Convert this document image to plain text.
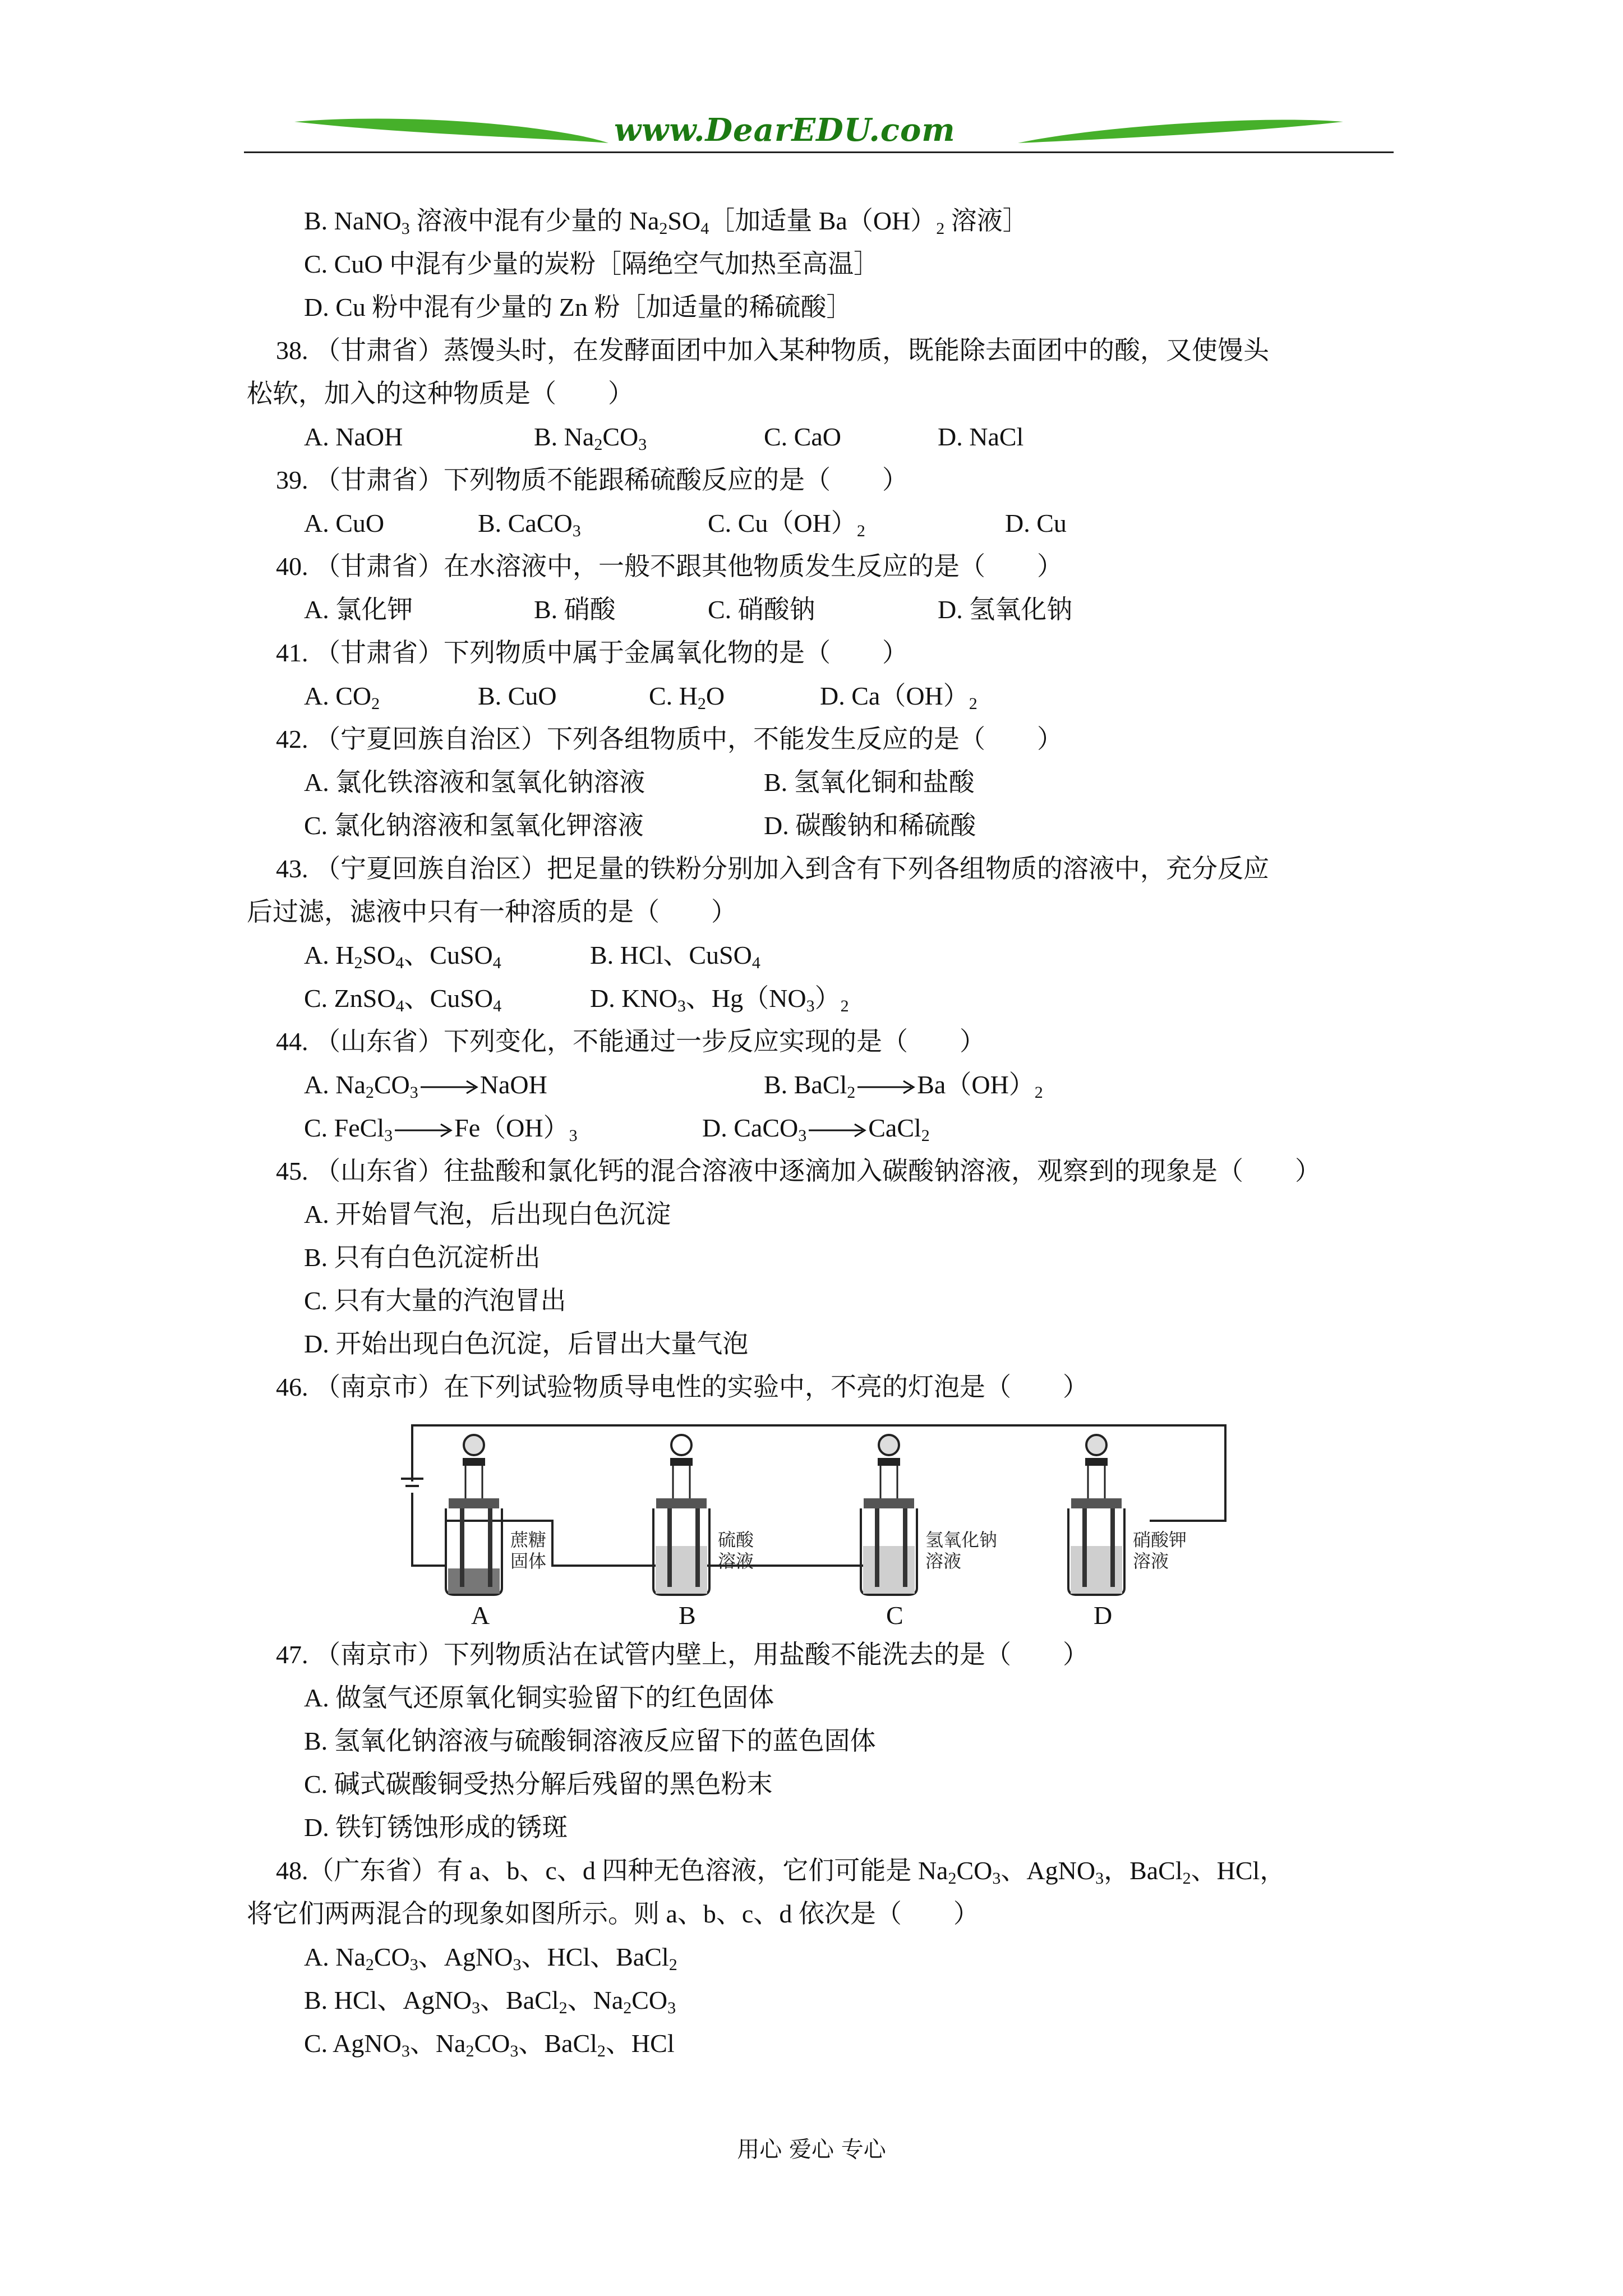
www.DearEDU.com
B. NaNO$_3$ 溶液中混有少量的 $Na_2SO_4[$加适量 $Ba(OH)_2$ 溶液］
C. CuO 中混有少量的炭粉［隔绝空气加热至高温］
D. Cu 粉中混有少量的 Zn 粉［加适量的稀硫酸］
38. （甘肃省）蒸馒头时，在发酵面团中加入某种物质，既能除去面团中的酸，又使馒头
松软，加入的这种物质是（　　）
A. NaOH	B. $Na_2CO_3$	C. CaO	D. NaCl
39. （甘肃省）下列物质不能跟稀硫酸反应的是（　　）
A. CuO	B. CaCO$_3$	C. $Cu(OH)_2$	D. Cu
40. （甘肃省）在水溶液中，一般不跟其他物质发生反应的是（　　）
A. 氯化钾	B. 硝酸	C. 硝酸钠	D. 氢氧化钠
41. （甘肃省）下列物质中属于金属氧化物的是（　　）
A. $CO_2$	B. CuO	C. $H_2O$	D. $Ca(OH)_2$
42. （宁夏回族自治区）下列各组物质中，不能发生反应的是（　　）
A. 氯化铁溶液和氢氧化钠溶液	B. 氢氧化铜和盐酸
C. 氯化钠溶液和氢氧化钾溶液	D. 碳酸钠和稀硫酸
43. （宁夏回族自治区）把足量的铁粉分别加入到含有下列各组物质的溶液中，充分反应
后过滤，滤液中只有一种溶质的是（　　）
A. $H_2SO_4$、CuSO$_4$	B. HCl、CuSO$_4$
C. ZnSO$_4$、CuSO$_4$	D. $KNO_3$、$Hg(NO_3)_2$
44. （山东省）下列变化，不能通过一步反应实现的是（　　）
A. $Na_2CO_3\to NaOH$	B. $BaCl_2\to Ba(OH)_2$
C. $FeCl_3\to Fe(OH)_3$	D. CaCO$_3$→CaCl$_2$
45. （山东省）往盐酸和氯化钙的混合溶液中逐滴加入碳酸钠溶液，观察到的现象是（　　）
A. 开始冒气泡，后出现白色沉淀
B. 只有白色沉淀析出
C. 只有大量的汽泡冒出
D. 开始出现白色沉淀，后冒出大量气泡
46. （南京市）在下列试验物质导电性的实验中，不亮的灯泡是（　　）
蔗糖
固体
硫酸
溶液
氢氧化钠
溶液
硝酸钾
溶液
A	B	C	D
47. （南京市）下列物质沾在试管内壁上，用盐酸不能洗去的是（　　）
A. 做氢气还原氧化铜实验留下的红色固体
B. 氢氧化钠溶液与硫酸铜溶液反应留下的蓝色固体
C. 碱式碳酸铜受热分解后残留的黑色粉末
D. 铁钉锈蚀形成的锈斑
48.（广东省）有 a、b、c、d 四种无色溶液，它们可能是 $Na_2CO_3$、AgNO$_3$，BaCl$_2$、HCl，
将它们两两混合的现象如图所示。则 a、b、c、d 依次是（　　）
A. $Na_2CO_3$、AgNO$_3$、HCl、BaCl$_2$
B. HCl、AgNO$_3$、BaCl$_2$、$Na_2CO_3$
C. AgNO$_3$、$Na_2CO_3$、BaCl$_2$、HCl
用心 爱心 专心
